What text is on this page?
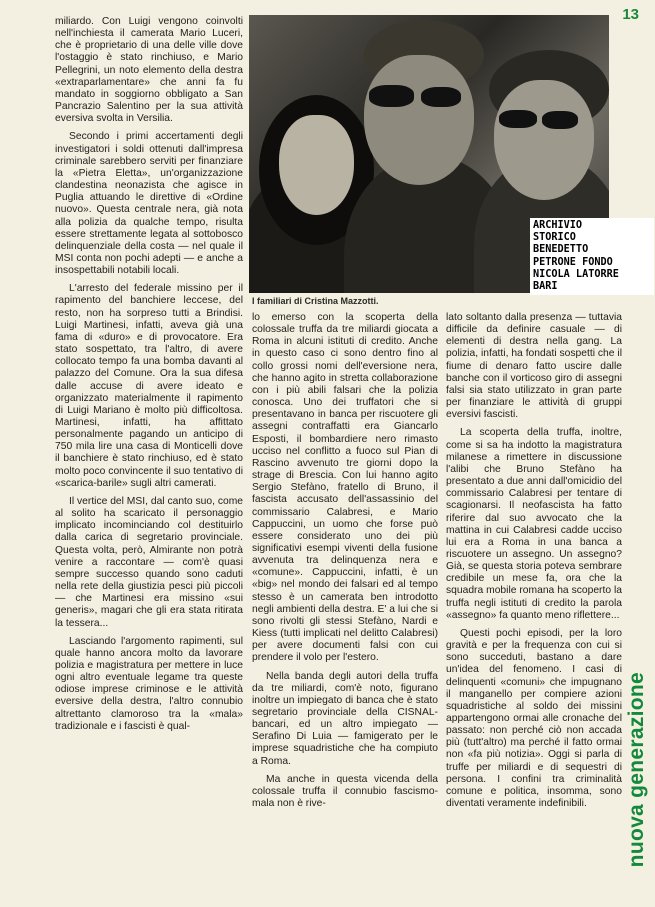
13
nuova generazione

miliardo. Con Luigi vengono coinvolti nell'inchiesta il camerata Mario Luceri, che è proprietario di una delle ville dove l'ostaggio è stato rinchiuso, e Mario Pellegrini, un noto elemento della destra «extraparlamentare» che anni fa fu mandato in soggiorno obbligato a San Pancrazio Salentino per la sua attività eversiva svolta in Versilia.

Secondo i primi accertamenti degli investigatori i soldi ottenuti dall'impresa criminale sarebbero serviti per finanziare la «Pietra Eletta», un'organizzazione clandestina neonazista che agisce in Puglia attuando le direttive di «Ordine nuovo». Questa centrale nera, già nota alla polizia da qualche tempo, risulta essere strettamente legata al sottobosco delinquenziale della costa — nel quale il MSI conta non pochi adepti — e anche a insospettabili notabili locali.

L'arresto del federale missino per il rapimento del banchiere leccese, del resto, non ha sorpreso tutti a Brindisi. Luigi Martinesi, infatti, aveva già una fama di «duro» e di provocatore. Era stato sospettato, tra l'altro, di avere collocato tempo fa una bomba davanti al palazzo del Comune. Ora la sua difesa dalle accuse di avere ideato e organizzato materialmente il rapimento di Luigi Mariano è molto più difficoltosa. Martinesi, infatti, ha affittato personalmente pagando un anticipo di 750 mila lire una casa di Monticelli dove il banchiere è stato rinchiuso, ed è stato molto poco convincente il suo tentativo di «scarica-barile» sugli altri camerati.

Il vertice del MSI, dal canto suo, come al solito ha scaricato il personaggio implicato incominciando col destituirlo dalla carica di segretario provinciale. Questa volta, però, Almirante non potrà venire a raccontare — com'è quasi sempre successo quando sono caduti nella rete della giustizia pesci più piccoli — che Martinesi era missino «sui generis», magari che gli era stata ritirata la tessera...

Lasciando l'argomento rapimenti, sul quale hanno ancora molto da lavorare polizia e magistratura per mettere in luce ogni altro eventuale legame tra queste odiose imprese criminose e le attività eversive della destra, l'altro connubio altrettanto clamoroso tra la «mala» tradizionale e i fascisti è qual-

I familiari di Cristina Mazzotti.
ARCHIVIO
STORICO
BENEDETTO
PETRONE FONDO
NICOLA LATORRE
BARI

lo emerso con la scoperta della colossale truffa da tre miliardi giocata a Roma in alcuni istituti di credito. Anche in questo caso ci sono dentro fino al collo grossi nomi dell'eversione nera, che hanno agito in stretta collaborazione con i più abili falsari che la polizia conosca. Uno dei truffatori che si presentavano in banca per riscuotere gli assegni contraffatti era Giancarlo Esposti, il bombardiere nero rimasto ucciso nel conflitto a fuoco sul Pian di Rascino avvenuto tre giorni dopo la strage di Brescia. Con lui hanno agito Sergio Stefàno, fratello di Bruno, il fascista accusato dell'assassinio del commissario Calabresi, e Mario Cappuccini, un uomo che forse può essere considerato uno dei più significativi esempi viventi della fusione avvenuta tra delinquenza nera e «comune». Cappuccini, infatti, è un «big» nel mondo dei falsari ed al tempo stesso è un camerata ben introdotto negli ambienti della destra. E' a lui che si sono rivolti gli stessi Stefàno, Nardi e Kiess (tutti implicati nel delitto Calabresi) per avere documenti falsi con cui prendere il volo per l'estero.

Nella banda degli autori della truffa da tre miliardi, com'è noto, figurano inoltre un impiegato di banca che è stato segretario provinciale della CISNAL-bancari, ed un altro impiegato — Serafino Di Luia — famigerato per le imprese squadristiche che ha compiuto a Roma.

Ma anche in questa vicenda della colossale truffa il connubio fascismo-mala non è rive-

lato soltanto dalla presenza — tuttavia difficile da definire casuale — di elementi di destra nella gang. La polizia, infatti, ha fondati sospetti che il fiume di denaro fatto uscire dalle banche con il vorticoso giro di assegni falsi sia stato utilizzato in gran parte per finanziare le attività di gruppi eversivi fascisti.

La scoperta della truffa, inoltre, come si sa ha indotto la magistratura milanese a rimettere in discussione l'alibi che Bruno Stefàno ha presentato a due anni dall'omicidio del commissario Calabresi per tentare di scagionarsi. Il neofascista ha fatto riferire dal suo avvocato che la mattina in cui Calabresi cadde ucciso lui era a Roma in una banca a riscuotere un assegno. Un assegno? Già, se questa storia poteva sembrare credibile un mese fa, ora che la squadra mobile romana ha scoperto la truffa negli istituti di credito la parola «assegno» fa quanto meno riflettere...

Questi pochi episodi, per la loro gravità e per la frequenza con cui si sono succeduti, bastano a dare un'idea del fenomeno. I casi di delinquenti «comuni» che impugnano il manganello per compiere azioni squadristiche al soldo dei missini appartengono ormai alle cronache del passato: non perché ciò non accada più (tutt'altro) ma perché il fatto ormai non «fa più notizia». Oggi si parla di truffe per miliardi e di sequestri di persona. I confini tra criminalità comune e politica, insomma, sono diventati veramente indefinibili.
